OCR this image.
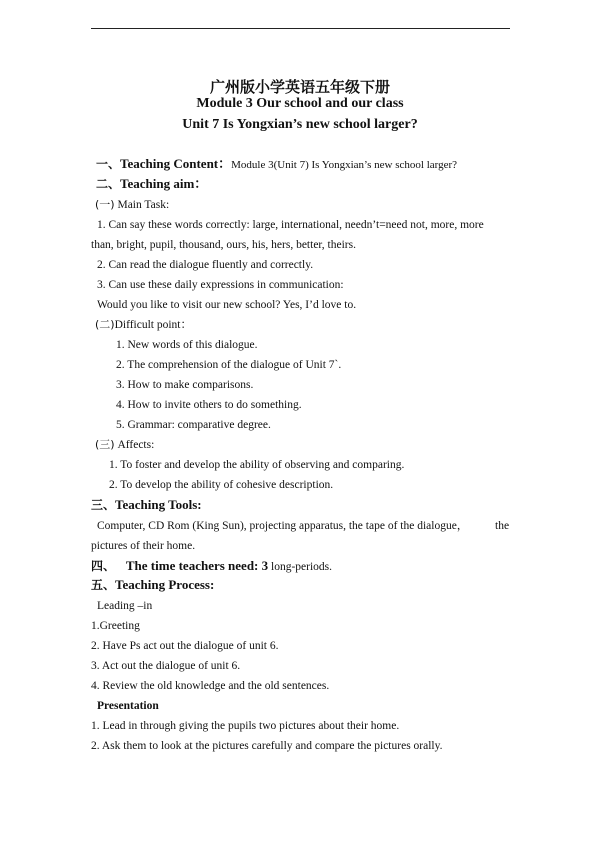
广州版小学英语五年级下册
Module 3 Our school and our class
Unit 7 Is Yongxian’s new school larger?
一、Teaching Content：Module 3(Unit 7) Is Yongxian’s new school larger?
二、Teaching aim：
(一) Main Task:
1. Can say these words correctly: large, international, needn’t=need not, more, more
than, bright, pupil, thousand, ours, his, hers, better, theirs.
2. Can read the dialogue fluently and correctly.
3. Can use these daily expressions in communication:
Would you like to visit our new school? Yes, I’d love to.
(二)Difficult point：
1. New words of this dialogue.
2. The comprehension of the dialogue of Unit 7`.
3. How to make comparisons.
4. How to invite others to do something.
5. Grammar: comparative degree.
(三) Affects:
1. To foster and develop the ability of observing and comparing.
2. To develop the ability of cohesive description.
三、Teaching Tools:
Computer, CD Rom (King Sun), projecting apparatus, the tape of the dialogue， the
pictures of their home.
四、 The time teachers need: 3 long-periods.
五、Teaching Process:
Leading –in
1.Greeting
2. Have Ps act out the dialogue of unit 6.
3. Act out the dialogue of unit 6.
4. Review the old knowledge and the old sentences.
Presentation
1. Lead in through giving the pupils two pictures about their home.
2. Ask them to look at the pictures carefully and compare the pictures orally.
